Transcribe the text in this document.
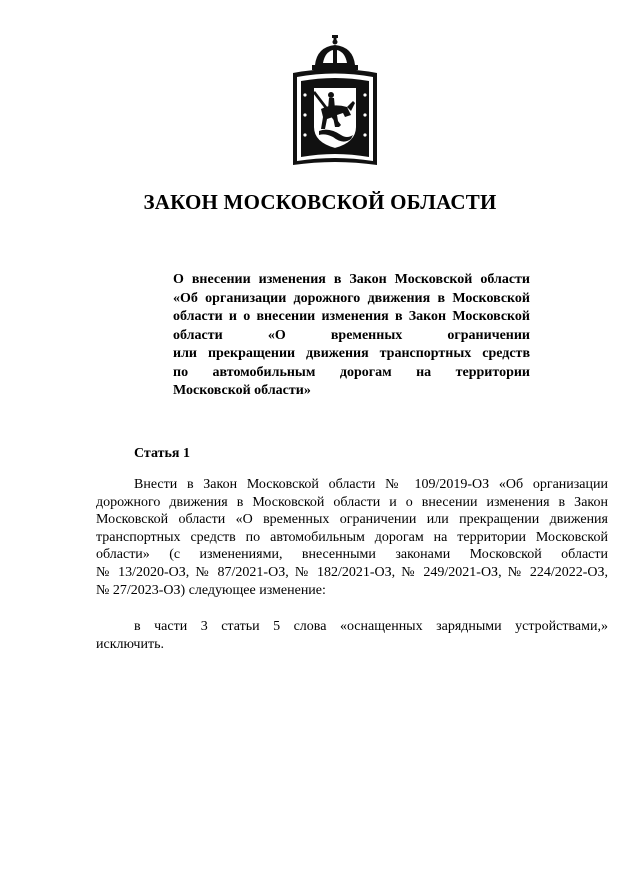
ЗАКОН МОСКОВСКОЙ ОБЛАСТИ
О внесении изменения в Закон Московской области
«Об организации дорожного движения в Московской
области и о внесении изменения в Закон Московской
области «О временных ограничении
или прекращении движения транспортных средств
по автомобильным дорогам на территории
Московской области»
Статья 1
Внести в Закон Московской области № 109/2019-ОЗ «Об организации
дорожного движения в Московской области и о внесении изменения в Закон
Московской области «О временных ограничении или прекращении движения
транспортных средств по автомобильным дорогам на территории Московской
области» (с изменениями, внесенными законами Московской области
№ 13/2020-ОЗ, № 87/2021-ОЗ, № 182/2021-ОЗ, № 249/2021-ОЗ, № 224/2022-ОЗ,
№ 27/2023-ОЗ) следующее изменение:
в части 3 статьи 5 слова «оснащенных зарядными устройствами,»
исключить.
